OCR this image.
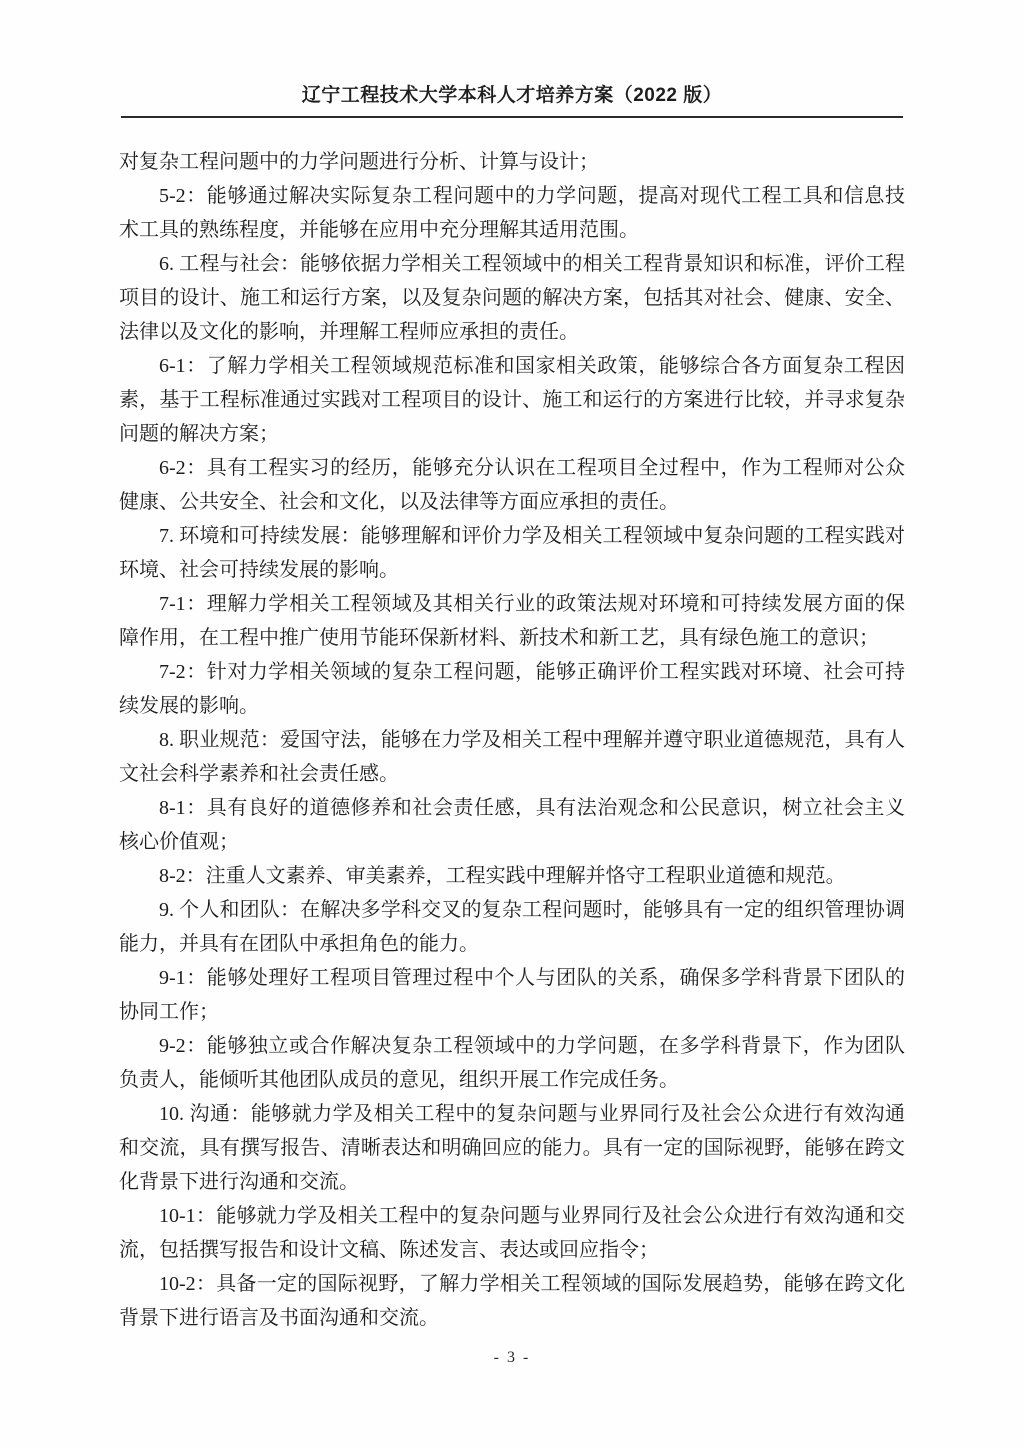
辽宁工程技术大学本科人才培养方案（2022 版）

对复杂工程问题中的力学问题进行分析、计算与设计；

5-2：能够通过解决实际复杂工程问题中的力学问题，提高对现代工程工具和信息技术工具的熟练程度，并能够在应用中充分理解其适用范围。

6. 工程与社会：能够依据力学相关工程领域中的相关工程背景知识和标准，评价工程项目的设计、施工和运行方案，以及复杂问题的解决方案，包括其对社会、健康、安全、法律以及文化的影响，并理解工程师应承担的责任。

6-1：了解力学相关工程领域规范标准和国家相关政策，能够综合各方面复杂工程因素，基于工程标准通过实践对工程项目的设计、施工和运行的方案进行比较，并寻求复杂问题的解决方案；

6-2：具有工程实习的经历，能够充分认识在工程项目全过程中，作为工程师对公众健康、公共安全、社会和文化，以及法律等方面应承担的责任。

7. 环境和可持续发展：能够理解和评价力学及相关工程领域中复杂问题的工程实践对环境、社会可持续发展的影响。

7-1：理解力学相关工程领域及其相关行业的政策法规对环境和可持续发展方面的保障作用，在工程中推广使用节能环保新材料、新技术和新工艺，具有绿色施工的意识；

7-2：针对力学相关领域的复杂工程问题，能够正确评价工程实践对环境、社会可持续发展的影响。

8. 职业规范：爱国守法，能够在力学及相关工程中理解并遵守职业道德规范，具有人文社会科学素养和社会责任感。

8-1：具有良好的道德修养和社会责任感，具有法治观念和公民意识，树立社会主义核心价值观；

8-2：注重人文素养、审美素养，工程实践中理解并恪守工程职业道德和规范。

9. 个人和团队：在解决多学科交叉的复杂工程问题时，能够具有一定的组织管理协调能力，并具有在团队中承担角色的能力。

9-1：能够处理好工程项目管理过程中个人与团队的关系，确保多学科背景下团队的协同工作；

9-2：能够独立或合作解决复杂工程领域中的力学问题，在多学科背景下，作为团队负责人，能倾听其他团队成员的意见，组织开展工作完成任务。

10. 沟通：能够就力学及相关工程中的复杂问题与业界同行及社会公众进行有效沟通和交流，具有撰写报告、清晰表达和明确回应的能力。具有一定的国际视野，能够在跨文化背景下进行沟通和交流。

10-1：能够就力学及相关工程中的复杂问题与业界同行及社会公众进行有效沟通和交流，包括撰写报告和设计文稿、陈述发言、表达或回应指令；

10-2：具备一定的国际视野，了解力学相关工程领域的国际发展趋势，能够在跨文化背景下进行语言及书面沟通和交流。

- 3 -
